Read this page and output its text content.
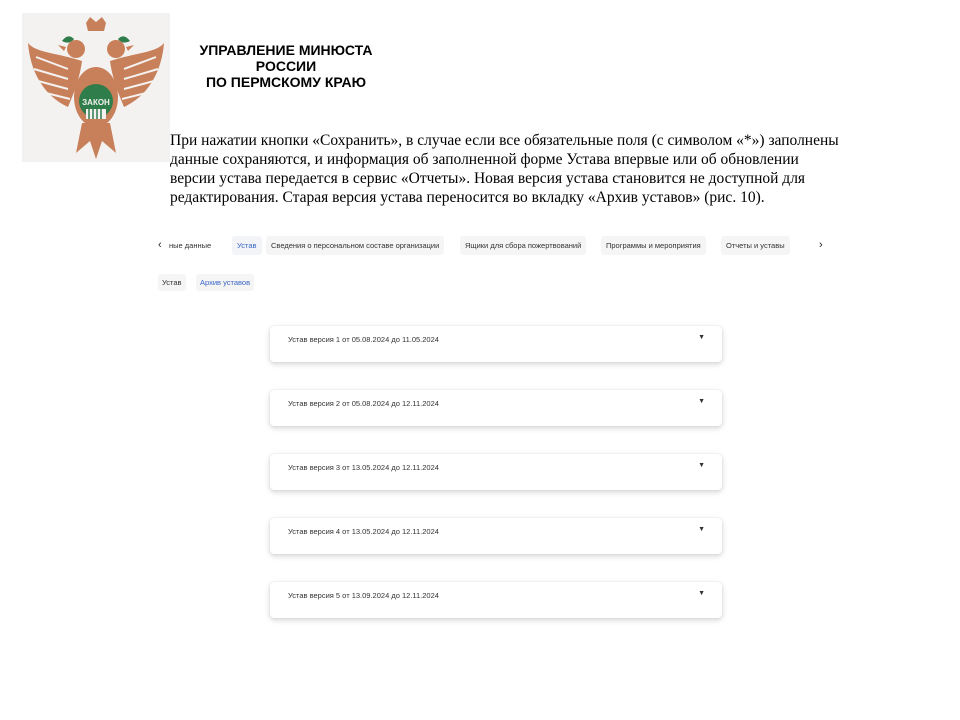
ЗАКОН
УПРАВЛЕНИЕ МИНЮСТА
РОССИИ
ПО ПЕРМСКОМУ КРАЮ
При нажатии кнопки «Сохранить», в случае если все обязательные поля (с символом «*») заполнены данные сохраняются, и информация об заполненной форме Устава впервые или об обновлении версии устава передается в сервис «Отчеты». Новая версия устава становится не доступной для редактирования. Старая версия устава переносится во вкладку «Архив уставов» (рис. 10).
‹ ные данные	Устав	Сведения о персональном составе организации	Ящики для сбора пожертвований	Программы и мероприятия	Отчеты и уставы	›
Устав	Архив уставов
Устав версия 1 от 05.08.2024 до 11.05.2024	▼
Устав версия 2 от 05.08.2024 до 12.11.2024	▼
Устав версия 3 от 13.05.2024 до 12.11.2024	▼
Устав версия 4 от 13.05.2024 до 12.11.2024	▼
Устав версия 5 от 13.09.2024 до 12.11.2024	▼
